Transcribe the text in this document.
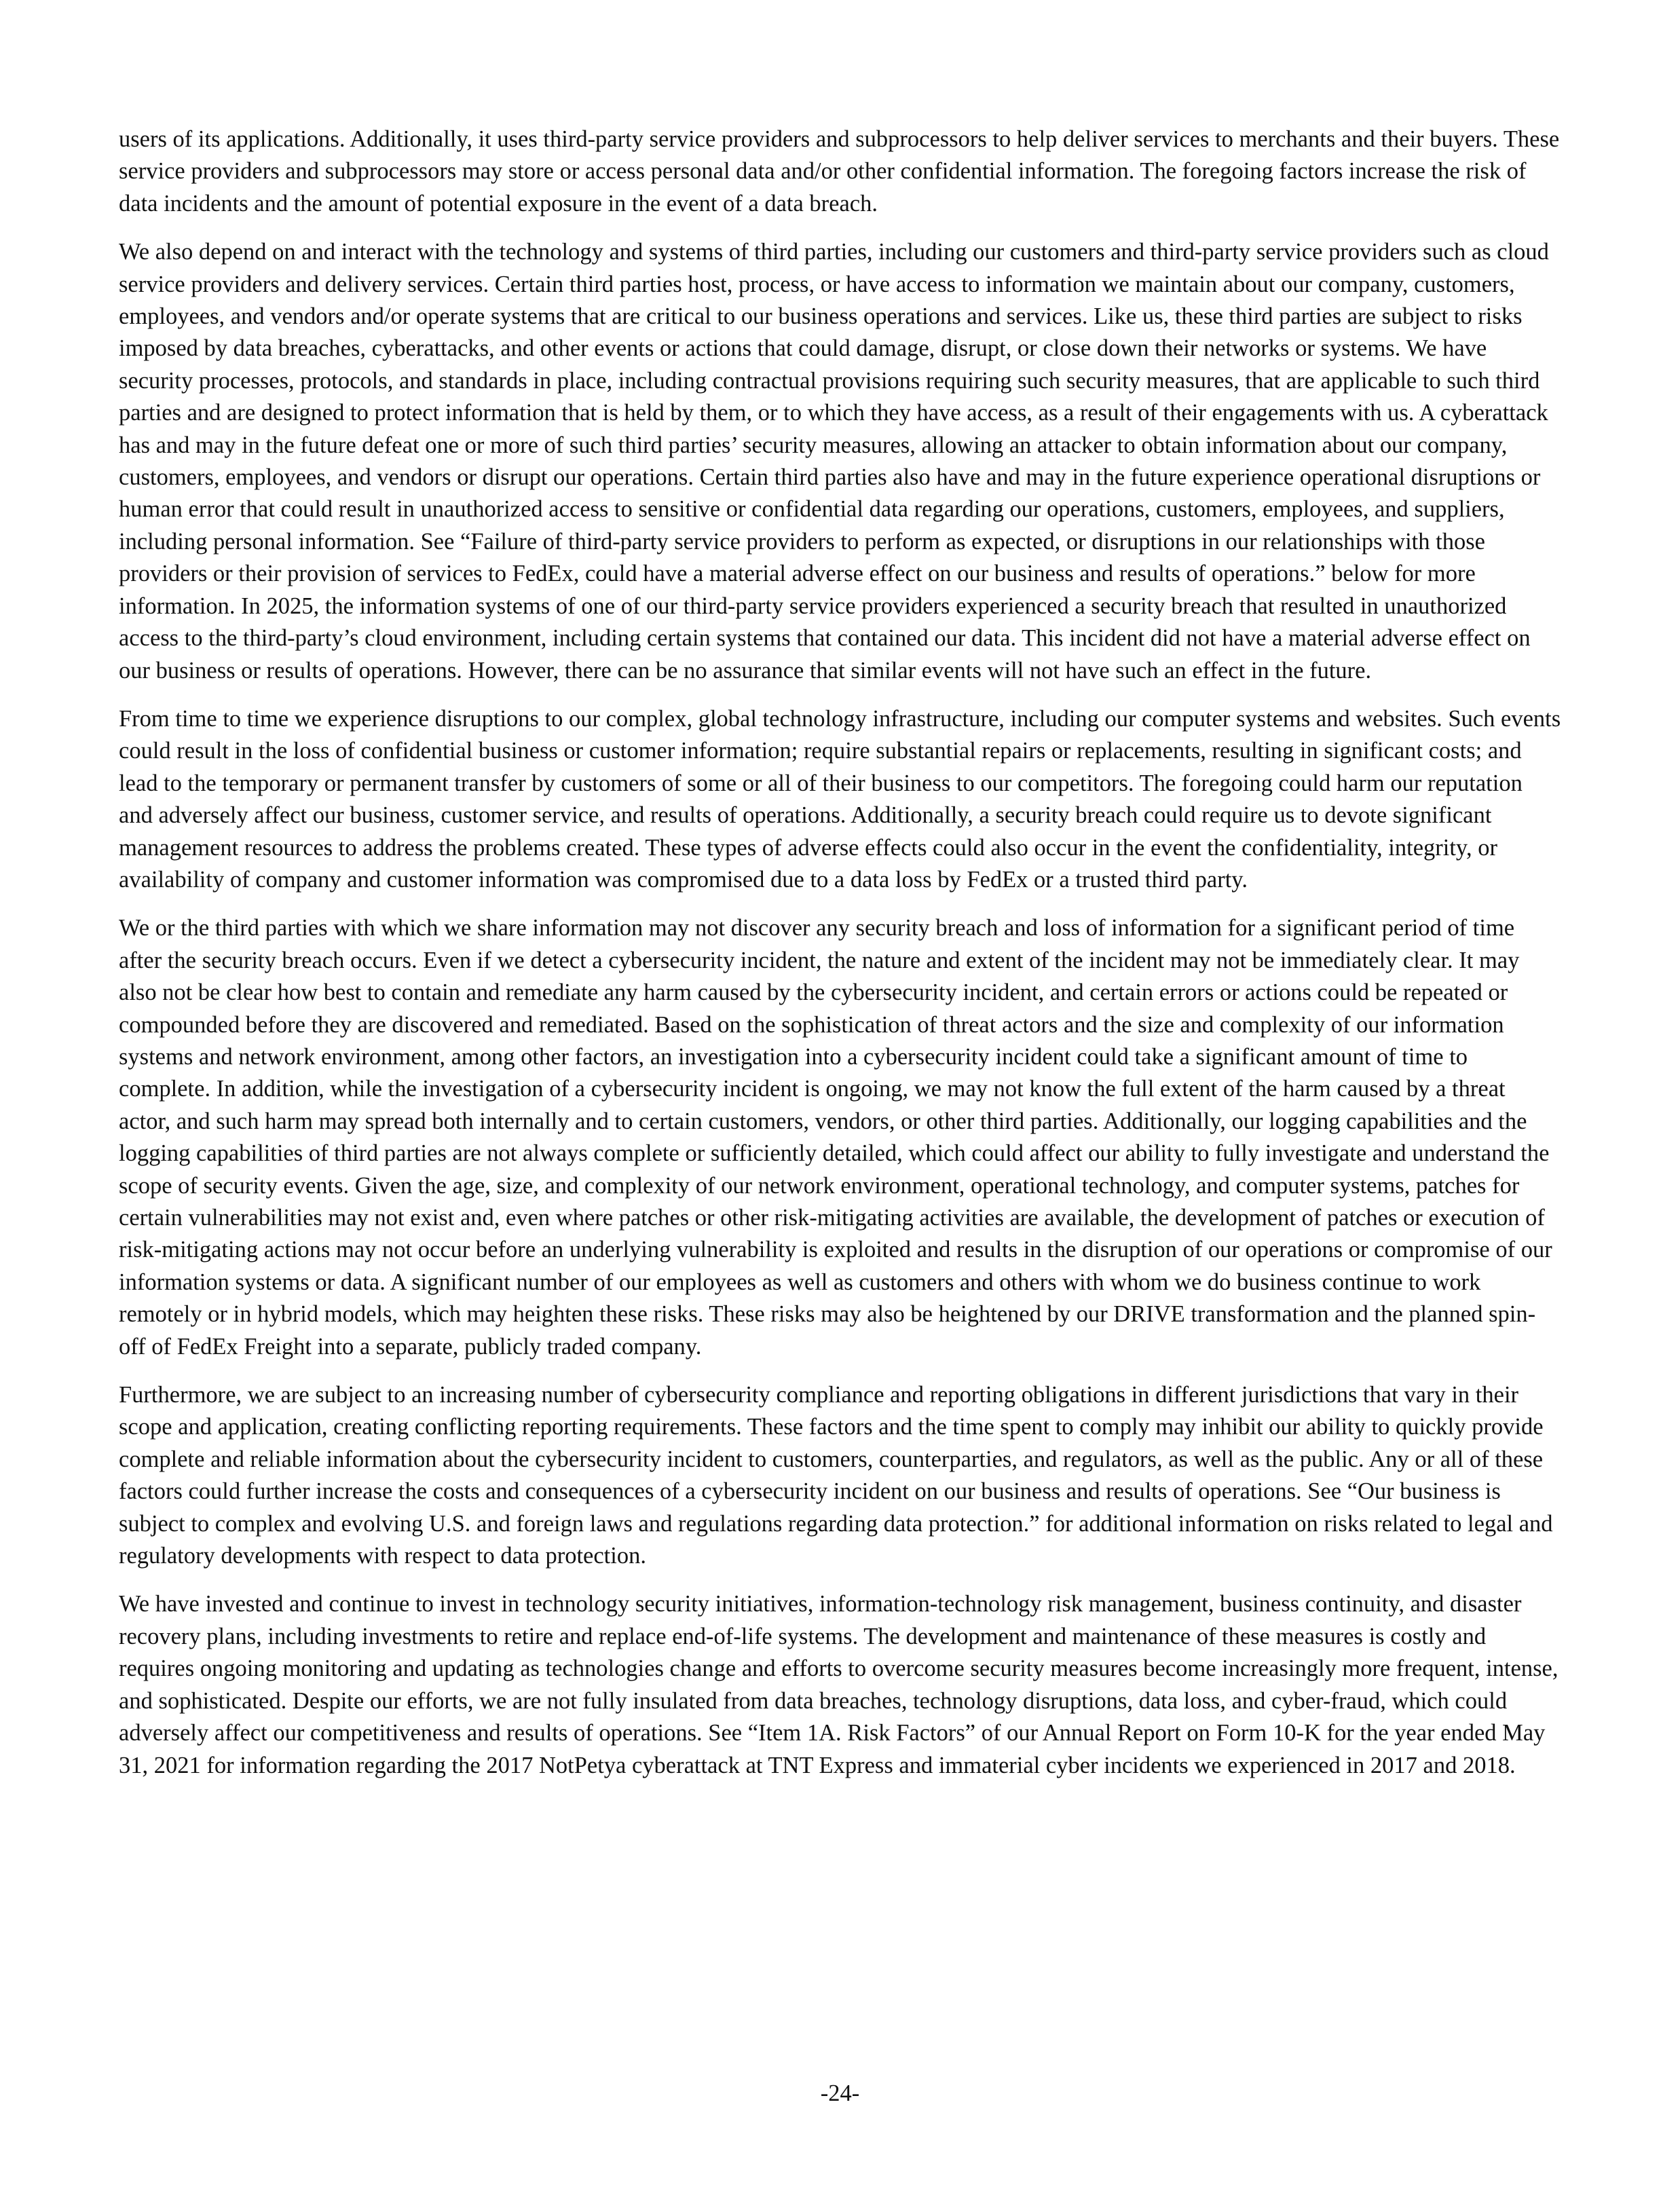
users of its applications. Additionally, it uses third-party service providers and subprocessors to help deliver services to merchants and their buyers. These service providers and subprocessors may store or access personal data and/or other confidential information. The foregoing factors increase the risk of data incidents and the amount of potential exposure in the event of a data breach.

We also depend on and interact with the technology and systems of third parties, including our customers and third-party service providers such as cloud service providers and delivery services. Certain third parties host, process, or have access to information we maintain about our company, customers, employees, and vendors and/or operate systems that are critical to our business operations and services. Like us, these third parties are subject to risks imposed by data breaches, cyberattacks, and other events or actions that could damage, disrupt, or close down their networks or systems. We have security processes, protocols, and standards in place, including contractual provisions requiring such security measures, that are applicable to such third parties and are designed to protect information that is held by them, or to which they have access, as a result of their engagements with us. A cyberattack has and may in the future defeat one or more of such third parties’ security measures, allowing an attacker to obtain information about our company, customers, employees, and vendors or disrupt our operations. Certain third parties also have and may in the future experience operational disruptions or human error that could result in unauthorized access to sensitive or confidential data regarding our operations, customers, employees, and suppliers, including personal information. See “Failure of third-party service providers to perform as expected, or disruptions in our relationships with those providers or their provision of services to FedEx, could have a material adverse effect on our business and results of operations.” below for more information. In 2025, the information systems of one of our third-party service providers experienced a security breach that resulted in unauthorized access to the third-party’s cloud environment, including certain systems that contained our data. This incident did not have a material adverse effect on our business or results of operations. However, there can be no assurance that similar events will not have such an effect in the future.

From time to time we experience disruptions to our complex, global technology infrastructure, including our computer systems and websites. Such events could result in the loss of confidential business or customer information; require substantial repairs or replacements, resulting in significant costs; and lead to the temporary or permanent transfer by customers of some or all of their business to our competitors. The foregoing could harm our reputation and adversely affect our business, customer service, and results of operations. Additionally, a security breach could require us to devote significant management resources to address the problems created. These types of adverse effects could also occur in the event the confidentiality, integrity, or availability of company and customer information was compromised due to a data loss by FedEx or a trusted third party.

We or the third parties with which we share information may not discover any security breach and loss of information for a significant period of time after the security breach occurs. Even if we detect a cybersecurity incident, the nature and extent of the incident may not be immediately clear. It may also not be clear how best to contain and remediate any harm caused by the cybersecurity incident, and certain errors or actions could be repeated or compounded before they are discovered and remediated. Based on the sophistication of threat actors and the size and complexity of our information systems and network environment, among other factors, an investigation into a cybersecurity incident could take a significant amount of time to complete. In addition, while the investigation of a cybersecurity incident is ongoing, we may not know the full extent of the harm caused by a threat actor, and such harm may spread both internally and to certain customers, vendors, or other third parties. Additionally, our logging capabilities and the logging capabilities of third parties are not always complete or sufficiently detailed, which could affect our ability to fully investigate and understand the scope of security events. Given the age, size, and complexity of our network environment, operational technology, and computer systems, patches for certain vulnerabilities may not exist and, even where patches or other risk-mitigating activities are available, the development of patches or execution of risk-mitigating actions may not occur before an underlying vulnerability is exploited and results in the disruption of our operations or compromise of our information systems or data. A significant number of our employees as well as customers and others with whom we do business continue to work remotely or in hybrid models, which may heighten these risks. These risks may also be heightened by our DRIVE transformation and the planned spin-off of FedEx Freight into a separate, publicly traded company.

Furthermore, we are subject to an increasing number of cybersecurity compliance and reporting obligations in different jurisdictions that vary in their scope and application, creating conflicting reporting requirements. These factors and the time spent to comply may inhibit our ability to quickly provide complete and reliable information about the cybersecurity incident to customers, counterparties, and regulators, as well as the public. Any or all of these factors could further increase the costs and consequences of a cybersecurity incident on our business and results of operations. See “Our business is subject to complex and evolving U.S. and foreign laws and regulations regarding data protection.” for additional information on risks related to legal and regulatory developments with respect to data protection.

We have invested and continue to invest in technology security initiatives, information-technology risk management, business continuity, and disaster recovery plans, including investments to retire and replace end-of-life systems. The development and maintenance of these measures is costly and requires ongoing monitoring and updating as technologies change and efforts to overcome security measures become increasingly more frequent, intense, and sophisticated. Despite our efforts, we are not fully insulated from data breaches, technology disruptions, data loss, and cyber-fraud, which could adversely affect our competitiveness and results of operations. See “Item 1A. Risk Factors” of our Annual Report on Form 10-K for the year ended May 31, 2021 for information regarding the 2017 NotPetya cyberattack at TNT Express and immaterial cyber incidents we experienced in 2017 and 2018.

-24-
